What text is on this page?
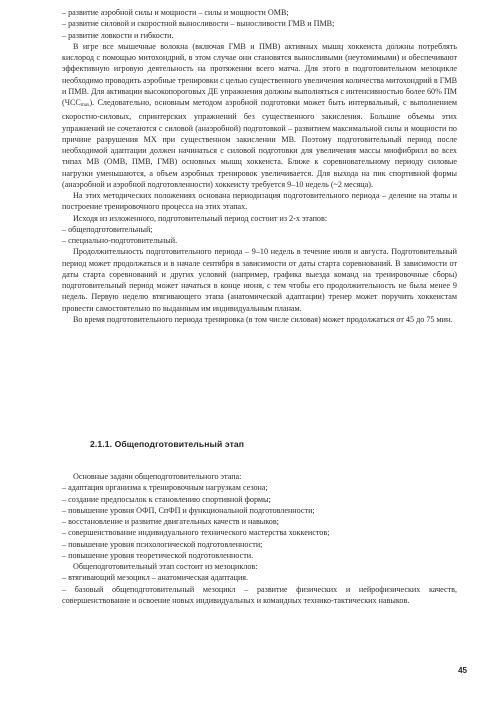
– развитие аэробной силы и мощности – силы и мощности ОМВ;

– развитие силовой и скоростной выносливости – выносливости ГМВ и ПМВ;

– развитие ловкости и гибкости.

В игре все мышечные волокна (включая ГМВ и ПМВ) активных мышц хоккеиста должны потреблять кислород с помощью митохондрий, в этом случае они становятся выносливыми (неутомимыми) и обеспечивают эффективную игровую деятельность на протяжении всего матча. Для этого в подготовительном мезоцикле необходимо проводить аэробные тренировки с целью существенного увеличения количества митохондрий в ГМВ и ПМВ. Для активации высокопороговых ДЕ упражнения должны выполняться с интенсивностью более 60% ПМ $(ЧСС_{max})$. Следовательно, основным методом аэробной подготовки может быть интервальный, с выполнением скоростно-силовых, спринтерских упражнений без существенного закисления. Большие объемы этих упражнений не сочетаются с силовой (анаэробной) подготовкой – развитием максимальной силы и мощности по причине разрушения МХ при существенном закислении МВ. Поэтому подготовительный период после необходимой адаптации должен начинаться с силовой подготовки для увеличения массы миофибрилл во всех типах МВ (ОМВ, ПМВ, ГМВ) основных мышц хоккеиста. Ближе к соревновательному периоду силовые нагрузки уменьшаются, а объем аэробных тренировок увеличивается. Для выхода на пик спортивной формы (анаэробной и аэробной подготовленности) хоккеисту требуется 9–10 недель (~2 месяца).

На этих методических положениях основана периодизация подготовительного периода – деление на этапы и построение тренировочного процесса на этих этапах.

Исходя из изложенного, подготовительный период состоит из 2-х этапов:

– общеподготовительный;

– специально-подготовительный.

Продолжительность подготовительного периода – 9–10 недель в течение июля и августа. Подготовительный период может продолжаться и в начале сентября в зависимости от даты старта соревнований. В зависимости от даты старта соревнований и других условий (например, графика выезда команд на тренировочные сборы) подготовительный период может начаться в конце июня, с тем чтобы его продолжительность не была менее 9 недель. Первую неделю втягивающего этапа (анатомической адаптации) тренер может поручить хоккеистам провести самостоятельно по выданным им индивидуальным планам.

Во время подготовительного периода тренировка (в том числе силовая) может продолжаться от 45 до 75 мин.

2.1.1. Общеподготовительный этап

Основные задачи общеподготовительного этапа:

– адаптация организма к тренировочным нагрузкам сезона;

– создание предпосылок к становлению спортивной формы;

– повышение уровня ОФП, СпФП и функциональной подготовленности;

– восстановление и развитие двигательных качеств и навыков;

– совершенствование индивидуального технического мастерства хоккеистов;

– повышение уровня психологической подготовленности;

– повышение уровня теоретической подготовленности.

Общеподготовительный этап состоит из мезоциклов:

– втягивающий мезоцикл – анатомическая адаптация.

– базовый общеподготовительный мезоцикл – развитие физических и нейрофизических качеств, совершенствование и освоение новых индивидуальных и командных технико-тактических навыков.

45
